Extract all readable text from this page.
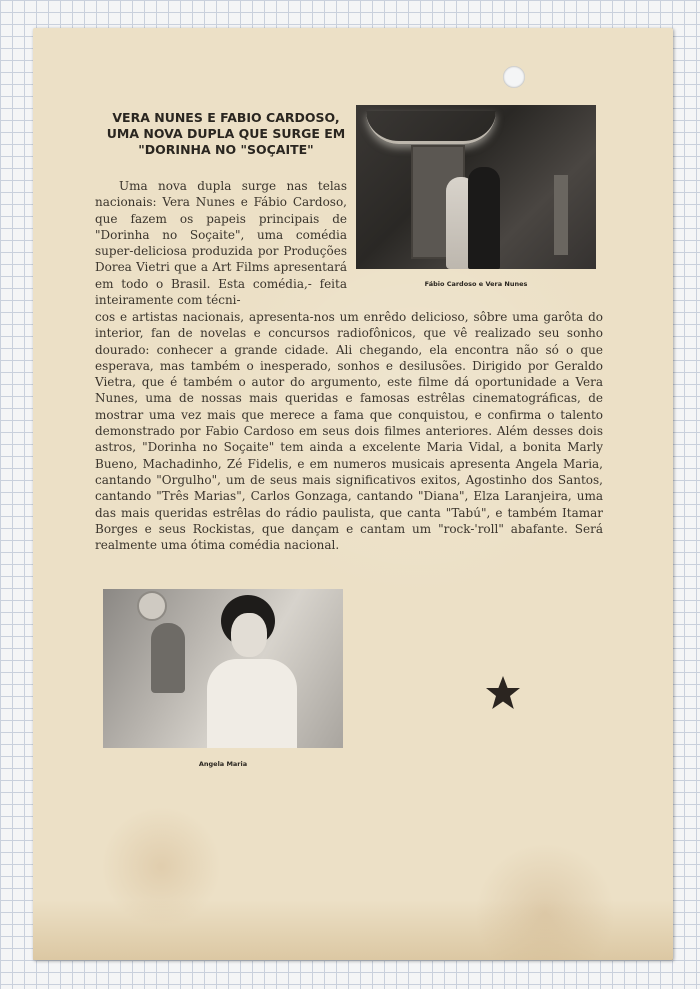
VERA NUNES E FABIO CARDOSO, UMA NOVA DUPLA QUE SURGE EM "DORINHA NO "SOÇAITE"

Fábio Cardoso e Vera Nunes

Uma nova dupla surge nas telas nacionais: Vera Nunes e Fábio Cardoso, que fazem os papeis principais de "Dorinha no Soçaite", uma comédia super-deliciosa produzida por Produções Dorea Vietri que a Art Films apresentará em todo o Brasil. Esta comédia,- feita inteiramente com técni-

cos e artistas nacionais, apresenta-nos um enrêdo delicioso, sôbre uma garôta do interior, fan de novelas e concursos radiofônicos, que vê realizado seu sonho dourado: conhecer a grande cidade. Ali chegando, ela encontra não só o que esperava, mas também o inesperado, sonhos e desilusões. Dirigido por Geraldo Vietra, que é também o autor do argumento, este filme dá oportunidade a Vera Nunes, uma de nossas mais queridas e famosas estrêlas cinematográficas, de mostrar uma vez mais que merece a fama que conquistou, e confirma o talento demonstrado por Fabio Cardoso em seus dois filmes anteriores. Além desses dois astros, "Dorinha no Soçaite" tem ainda a excelente Maria Vidal, a bonita Marly Bueno, Machadinho, Zé Fidelis, e em numeros musicais apresenta Angela Maria, cantando "Orgulho", um de seus mais significativos exitos, Agostinho dos Santos, cantando "Três Marias", Carlos Gonzaga, cantando "Diana", Elza Laranjeira, uma das mais queridas estrêlas do rádio paulista, que canta "Tabú", e também Itamar Borges e seus Rockistas, que dançam e cantam um "rock-'roll" abafante. Será realmente uma ótima comédia nacional.

Angela Maria
